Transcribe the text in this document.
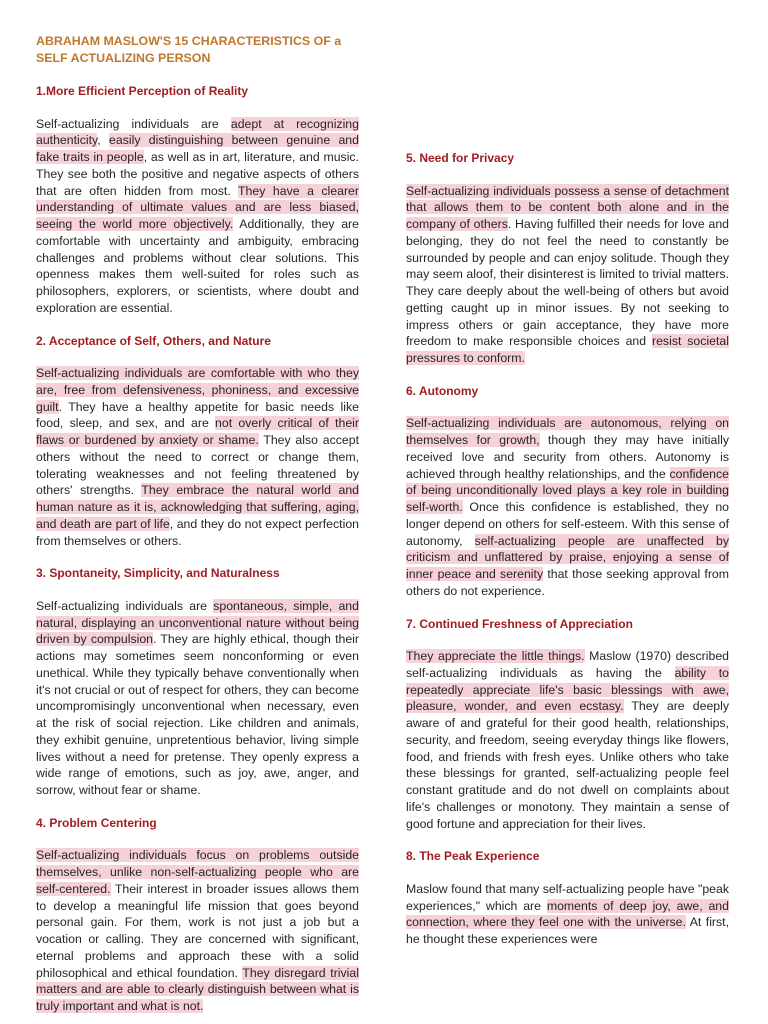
ABRAHAM MASLOW'S 15 CHARACTERISTICS OF a
SELF ACTUALIZING PERSON
1.More Efficient Perception of Reality

Self-actualizing individuals are adept at recognizing authenticity, easily distinguishing between genuine and fake traits in people, as well as in art, literature, and music. They see both the positive and negative aspects of others that are often hidden from most. They have a clearer understanding of ultimate values and are less biased, seeing the world more objectively. Additionally, they are comfortable with uncertainty and ambiguity, embracing challenges and problems without clear solutions. This openness makes them well-suited for roles such as philosophers, explorers, or scientists, where doubt and exploration are essential.

2. Acceptance of Self, Others, and Nature

Self-actualizing individuals are comfortable with who they are, free from defensiveness, phoniness, and excessive guilt. They have a healthy appetite for basic needs like food, sleep, and sex, and are not overly critical of their flaws or burdened by anxiety or shame. They also accept others without the need to correct or change them, tolerating weaknesses and not feeling threatened by others' strengths. They embrace the natural world and human nature as it is, acknowledging that suffering, aging, and death are part of life, and they do not expect perfection from themselves or others.

3. Spontaneity, Simplicity, and Naturalness

Self-actualizing individuals are spontaneous, simple, and natural, displaying an unconventional nature without being driven by compulsion. They are highly ethical, though their actions may sometimes seem nonconforming or even unethical. While they typically behave conventionally when it's not crucial or out of respect for others, they can become uncompromisingly unconventional when necessary, even at the risk of social rejection. Like children and animals, they exhibit genuine, unpretentious behavior, living simple lives without a need for pretense. They openly express a wide range of emotions, such as joy, awe, anger, and sorrow, without fear or shame.

4. Problem Centering

Self-actualizing individuals focus on problems outside themselves, unlike non-self-actualizing people who are self-centered. Their interest in broader issues allows them to develop a meaningful life mission that goes beyond personal gain. For them, work is not just a job but a vocation or calling. They are concerned with significant, eternal problems and approach these with a solid philosophical and ethical foundation. They disregard trivial matters and are able to clearly distinguish between what is truly important and what is not.

5. Need for Privacy

Self-actualizing individuals possess a sense of detachment that allows them to be content both alone and in the company of others. Having fulfilled their needs for love and belonging, they do not feel the need to constantly be surrounded by people and can enjoy solitude. Though they may seem aloof, their disinterest is limited to trivial matters. They care deeply about the well-being of others but avoid getting caught up in minor issues. By not seeking to impress others or gain acceptance, they have more freedom to make responsible choices and resist societal pressures to conform.

6. Autonomy

Self-actualizing individuals are autonomous, relying on themselves for growth, though they may have initially received love and security from others. Autonomy is achieved through healthy relationships, and the confidence of being unconditionally loved plays a key role in building self-worth. Once this confidence is established, they no longer depend on others for self-esteem. With this sense of autonomy, self-actualizing people are unaffected by criticism and unflattered by praise, enjoying a sense of inner peace and serenity that those seeking approval from others do not experience.

7. Continued Freshness of Appreciation

They appreciate the little things. Maslow (1970) described self-actualizing individuals as having the ability to repeatedly appreciate life's basic blessings with awe, pleasure, wonder, and even ecstasy. They are deeply aware of and grateful for their good health, relationships, security, and freedom, seeing everyday things like flowers, food, and friends with fresh eyes. Unlike others who take these blessings for granted, self-actualizing people feel constant gratitude and do not dwell on complaints about life's challenges or monotony. They maintain a sense of good fortune and appreciation for their lives.

8. The Peak Experience

Maslow found that many self-actualizing people have "peak experiences," which are moments of deep joy, awe, and connection, where they feel one with the universe. At first, he thought these experiences were
